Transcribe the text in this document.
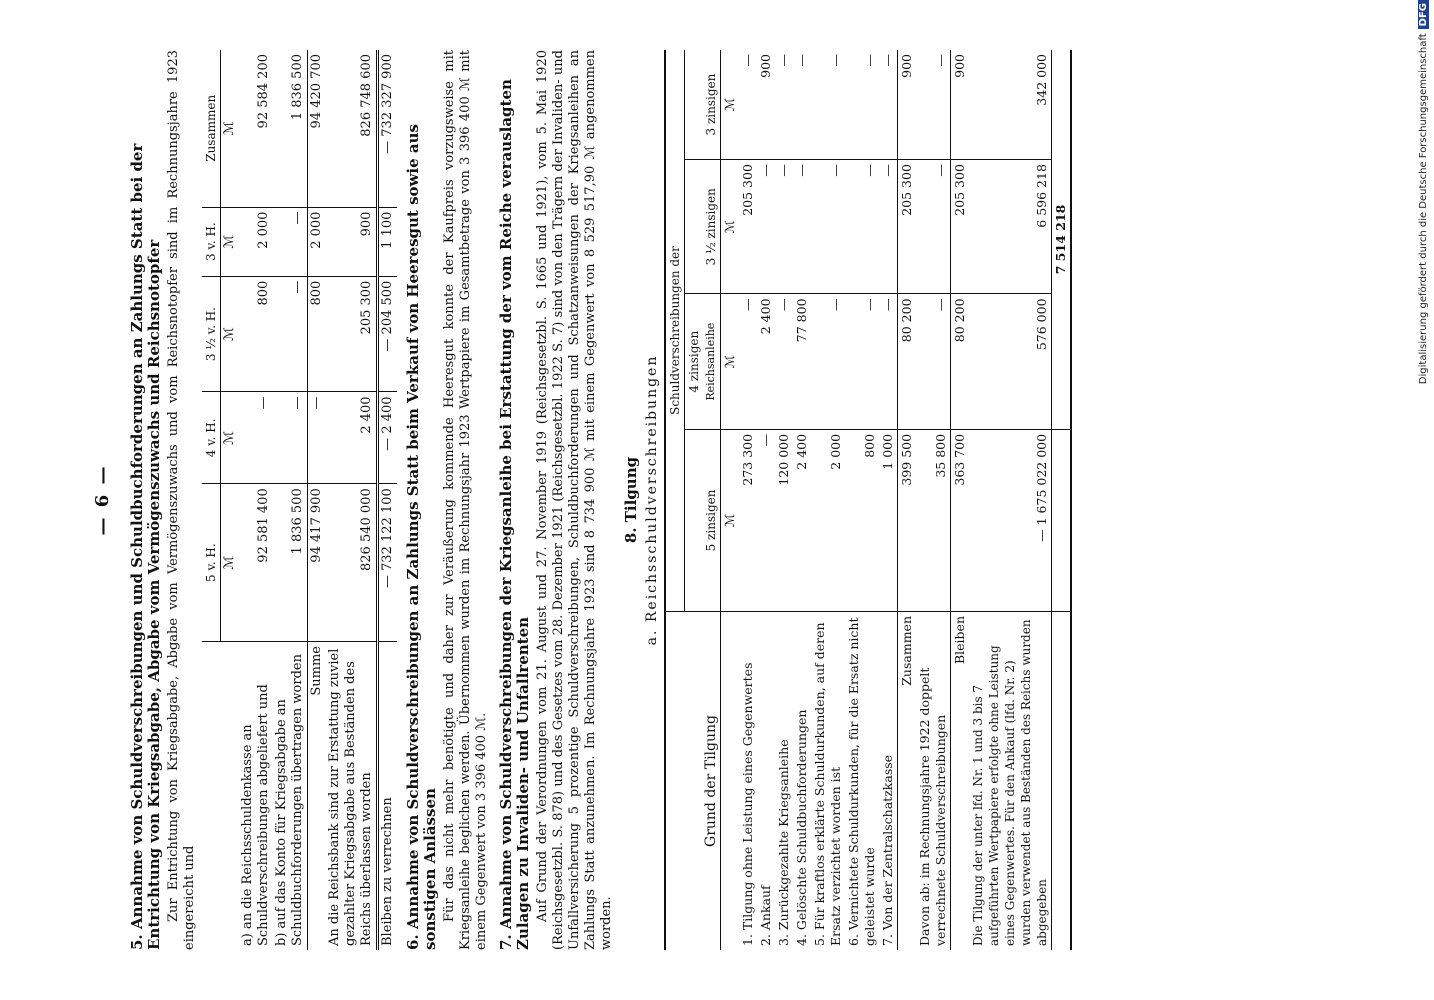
— 6 —	5. Annahme von Schuldverschreibungen und Schuldbuchforderungen an Zahlungs Statt bei der Entrichtung von Kriegsabgabe, Abgabe vom Vermögenszuwachs und Reichsnotopfer Zur Entrichtung von Kriegsabgabe, Abgabe vom Vermögenszuwachs und vom Reichsnotopfer sind im Rechnungsjahre 1923 eingereicht und

	5 v. H.	4 v. H.	3 ½ v. H.	3 v. H.	Zusammen
	ℳ	ℳ	ℳ	ℳ	ℳ
a) an die Reichsschuldenkasse an Schuldverschreibungen abgeliefert und	92 581 400	—	800	2 000	92 584 200
b) auf das Konto für Kriegsabgabe an Schuldbuchforderungen übertragen worden	1 836 500	—	—	—	1 836 500
Summe	94 417 900	—	800	2 000	94 420 700
An die Reichsbank sind zur Erstattung zuviel gezahlter Kriegsabgabe aus Beständen des Reichs überlassen worden	826 540 000	2 400	205 300	900	826 748 600
Bleiben zu verrechnen	— 732 122 100	— 2 400	— 204 500	1 100	— 732 327 900
6. Annahme von Schuldverschreibungen an Zahlungs Statt beim Verkauf von Heeresgut sowie aus sonstigen Anlässen Für das nicht mehr benötigte und daher zur Veräußerung kommende Heeresgut konnte der Kaufpreis vorzugsweise mit Kriegsanleihe beglichen werden. Übernommen wurden im Rechnungsjahr 1923 Wertpapiere im Gesamtbetrage von 3 396 400 ℳ mit einem Gegenwert von 3 396 400 ℳ. 7. Annahme von Schuldverschreibungen der Kriegsanleihe bei Erstattung der vom Reiche verauslagten Zulagen zu Invaliden- und Unfallrenten Auf Grund der Verordnungen vom 21. August und 27. November 1919 (Reichsgesetzbl. S. 1665 und 1921), vom 5. Mai 1920 (Reichsgesetzbl. S. 878) und des Gesetzes vom 28. Dezember 1921 (Reichsgesetzbl. 1922 S. 7) sind von den Trägern der Invaliden- und Unfallversicherung 5 prozentige Schuldverschreibungen, Schuldbuchforderungen und Schatzanweisungen der Kriegsanleihen an Zahlungs Statt anzunehmen. Im Rechnungsjahre 1923 sind 8 734 900 ℳ mit einem Gegenwert von 8 529 517,90 ℳ angenommen worden.

8. Tilgung a. Reichsschuldverschreibungen
Grund der Tilgung	Schuldverschreibungen der			
	5 zinsigen	4 zinsigen Reichsanleihe	3 ½ zinsigen	3 zinsigen
	ℳ	ℳ	ℳ	ℳ
1. Tilgung ohne Leistung eines Gegenwertes	273 300	—	205 300	—
2. Ankauf	—	2 400	—	900
3. Zurückgezahlte Kriegsanleihe	120 000	—	—	—
4. Gelöschte Schuldbuchforderungen	2 400	77 800	—	—
5. Für kraftlos erklärte Schuldurkunden, auf deren Ersatz verzichtet worden ist	2 000	—	—	—
6. Vernichtete Schuldurkunden, für die Ersatz nicht geleistet wurde	800	—	—	—
7. Von der Zentralschatzkasse	1 000	—	—	—
Zusammen	399 500	80 200	205 300	900
Davon ab: im Rechnungsjahre 1922 doppelt verrechnete Schuldverschreibungen	35 800	—	—	—
Bleiben	363 700	80 200	205 300	900
Die Tilgung der unter lfd. Nr. 1 und 3 bis 7 aufgeführten Wertpapiere erfolgte ohne Leistung eines Gegenwertes. Für den Ankauf (lfd. Nr. 2) wurden verwendet aus Beständen des Reichs wurden abgegeben	— 1 675 022 000	576 000	6 596 218	342 000
		7 514 218			Digitalisierung gefördert durch die Deutsche ForschungsgemeinschaftDFG
